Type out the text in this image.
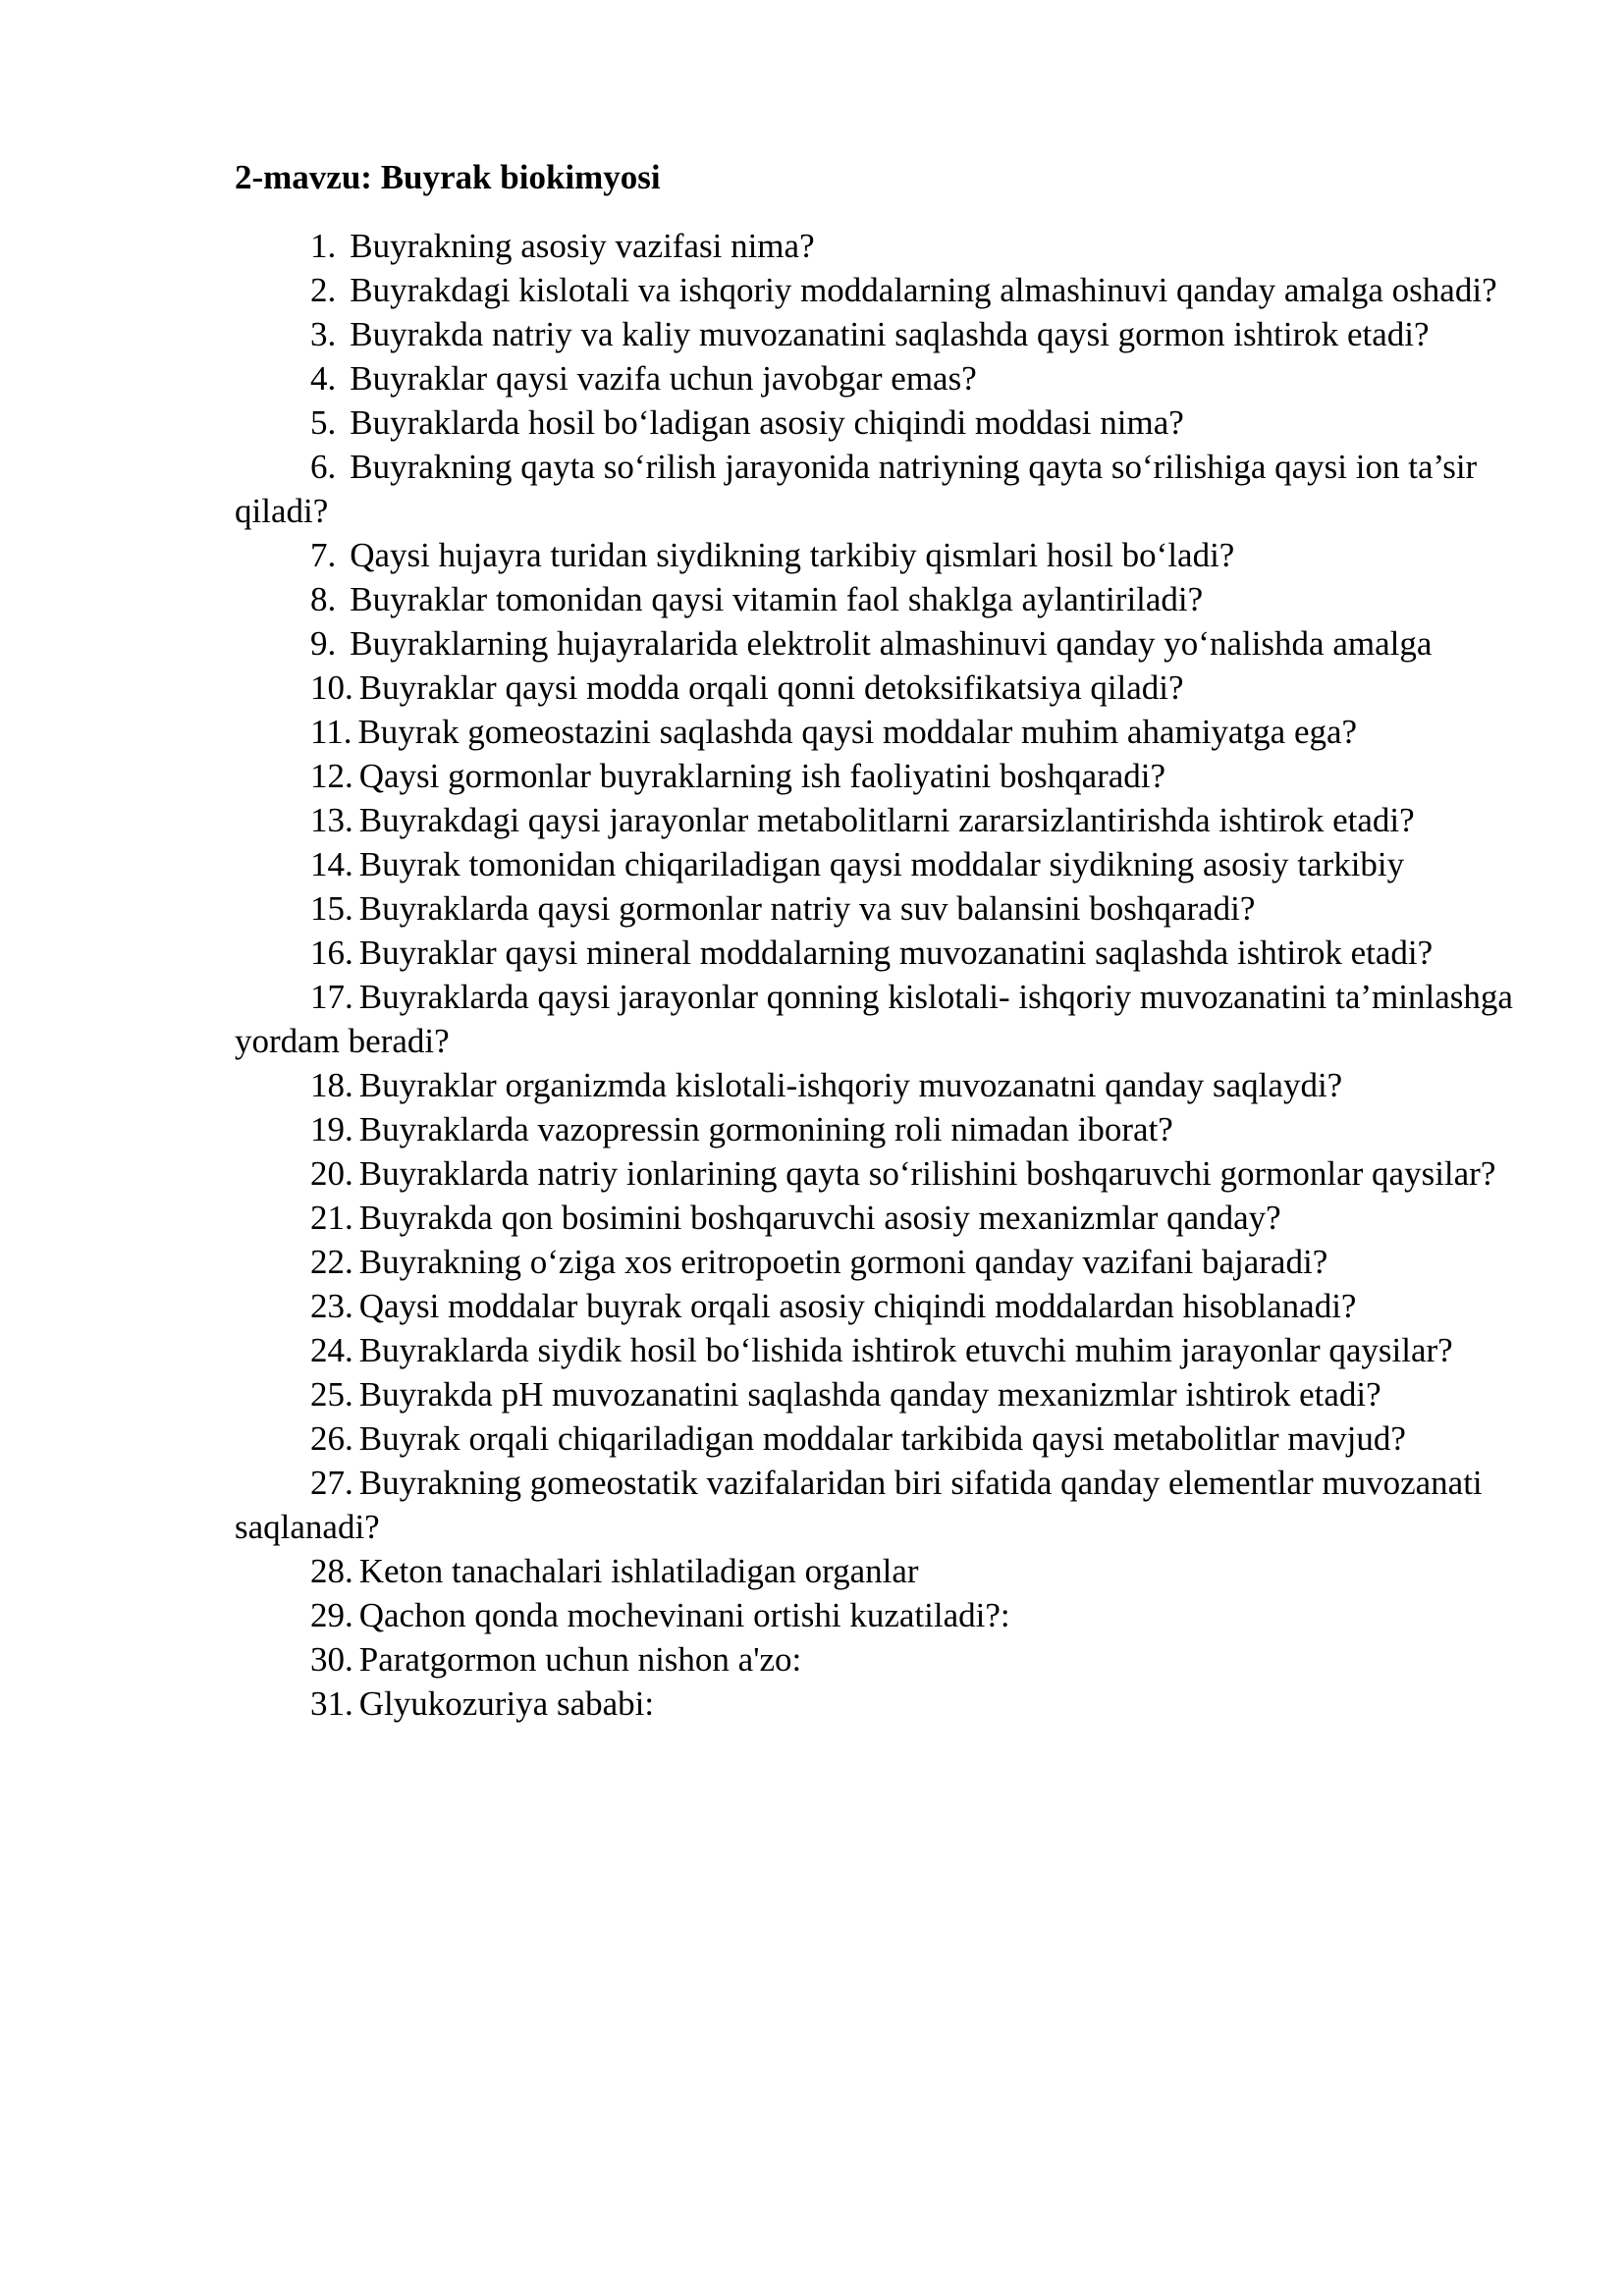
2-mavzu: Buyrak biokimyosi
1. Buyrakning asosiy vazifasi nima?
2. Buyrakdagi kislotali va ishqoriy moddalarning almashinuvi qanday amalga oshadi?
3. Buyrakda natriy va kaliy muvozanatini saqlashda qaysi gormon ishtirok etadi?
4. Buyraklar qaysi vazifa uchun javobgar emas?
5. Buyraklarda hosil bo‘ladigan asosiy chiqindi moddasi nima?
6. Buyrakning qayta so‘rilish jarayonida natriyning qayta so‘rilishiga qaysi ion ta’sir qiladi?
7. Qaysi hujayra turidan siydikning tarkibiy qismlari hosil bo‘ladi?
8. Buyraklar tomonidan qaysi vitamin faol shaklga aylantiriladi?
9. Buyraklarning hujayralarida elektrolit almashinuvi qanday yo‘nalishda amalga
10. Buyraklar qaysi modda orqali qonni detoksifikatsiya qiladi?
11. Buyrak gomeostazini saqlashda qaysi moddalar muhim ahamiyatga ega?
12. Qaysi gormonlar buyraklarning ish faoliyatini boshqaradi?
13. Buyrakdagi qaysi jarayonlar metabolitlarni zararsizlantirishda ishtirok etadi?
14. Buyrak tomonidan chiqariladigan qaysi moddalar siydikning asosiy tarkibiy
15. Buyraklarda qaysi gormonlar natriy va suv balansini boshqaradi?
16. Buyraklar qaysi mineral moddalarning muvozanatini saqlashda ishtirok etadi?
17. Buyraklarda qaysi jarayonlar qonning kislotali- ishqoriy muvozanatini ta’minlashga yordam beradi?
18. Buyraklar organizmda kislotali-ishqoriy muvozanatni qanday saqlaydi?
19. Buyraklarda vazopressin gormonining roli nimadan iborat?
20. Buyraklarda natriy ionlarining qayta so‘rilishini boshqaruvchi gormonlar qaysilar?
21. Buyrakda qon bosimini boshqaruvchi asosiy mexanizmlar qanday?
22. Buyrakning o‘ziga xos eritropoetin gormoni qanday vazifani bajaradi?
23. Qaysi moddalar buyrak orqali asosiy chiqindi moddalardan hisoblanadi?
24. Buyraklarda siydik hosil bo‘lishida ishtirok etuvchi muhim jarayonlar qaysilar?
25. Buyrakda pH muvozanatini saqlashda qanday mexanizmlar ishtirok etadi?
26. Buyrak orqali chiqariladigan moddalar tarkibida qaysi metabolitlar mavjud?
27. Buyrakning gomeostatik vazifalaridan biri sifatida qanday elementlar muvozanati saqlanadi?
28. Keton tanachalari ishlatiladigan organlar
29. Qachon qonda mochevinani ortishi kuzatiladi?:
30. Paratgormon uchun nishon a'zo:
31. Glyukozuriya sababi:
